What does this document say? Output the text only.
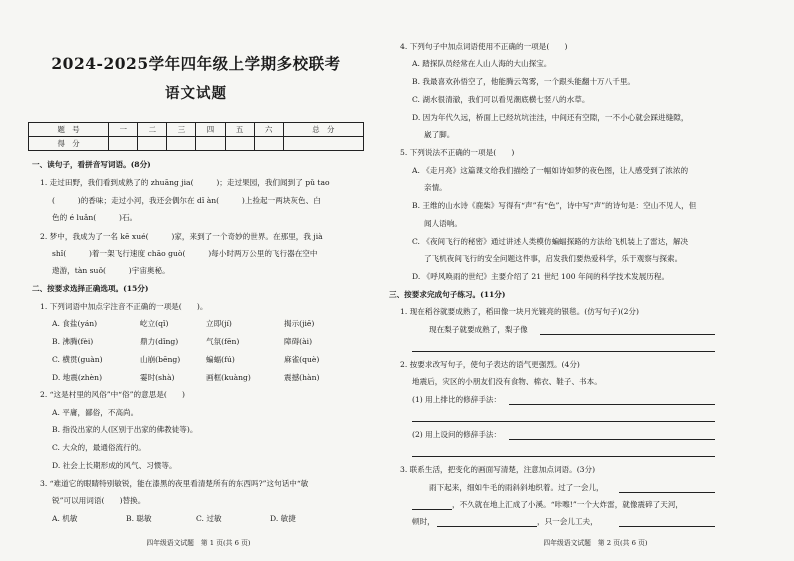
2024-2025学年四年级上学期多校联考
语文试题
题　号	一	二	三	四	五	六	总　分
得　分							
一、读句子，看拼音写词语。(8分)
1. 走过田野，我们看到成熟了的 zhuāng jia(　　　)；走过果园，我们闻到了 pǔ tao
(　　　)的香味；走过小河，我还会偶尔在 dǐ àn(　　　)上捡起一两块灰色、白
色的 é luǎn(　　　)石。
2. 梦中，我成为了一名 kē xué(　　　)家，来到了一个奇妙的世界。在那里，我 jià
shǐ(　　　)着一架飞行速度 chāo guò(　　　)每小时两万公里的飞行器在空中
遨游，tàn suǒ(　　　)宇宙奥秘。
二、按要求选择正确选项。(15分)
1. 下列词语中加点字注音不正确的一项是(　　)。
A. 食盐(yán)	屹立(qǐ)	立即(jí)	揭示(jiē)
B. 沸腾(fèi)	鼎力(dǐng)	气氛(fēn)	障碍(ài)
C. 横贯(guàn)	山崩(bēng)	蝙蝠(fú)	麻雀(què)
D. 地震(zhèn)	霎时(shà)	画框(kuàng)	震撼(hàn)
2. “这是村里的风俗”中“俗”的意思是(　　)
A. 平庸，鄙俗，不高尚。
B. 指没出家的人(区别于出家的佛教徒等)。
C. 大众的，最通俗流行的。
D. 社会上长期形成的风气、习惯等。
3. “难道它的眼睛特别敏锐，能在漆黑的夜里看清楚所有的东西吗?”这句话中“敏
锐”可以用词语(　　)替换。
A. 机敏	B. 聪敏	C. 过敏	D. 敏捷
四年级语文试题　第 1 页(共 6 页)
4. 下列句子中加点词语使用不正确的一项是(　　)
A. 踏探队员经常在人山人海的大山探宝。
B. 我最喜欢孙悟空了，他能腾云驾雾，一个跟头能翻十万八千里。
C. 湖水很清澈，我们可以看见潮底横七竖八的水草。
D. 因为年代久远，桥面上已经坑坑洼洼，中间还有空隙，一不小心就会踩进缝隙，
崴了脚。
5. 下列说法不正确的一项是(　　)
A. 《走月亮》这篇课文给我们描绘了一幅如诗如梦的夜色图，让人感受到了浓浓的
亲情。
B. 王维的山水诗《鹿柴》写得有“声”有“色”，诗中写“声”的诗句是：空山不见人，但
闻人语响。
C. 《夜间飞行的秘密》通过讲述人类模仿蝙蝠探路的方法给飞机装上了雷达，解决
了飞机夜间飞行的安全问题这件事，启发我们要热爱科学，乐于观察与探索。
D. 《呼风唤雨的世纪》主要介绍了 21 世纪 100 年间的科学技术发展历程。
三、按要求完成句子练习。(11分)
1. 现在稻谷就要成熟了，稻田像一块月光镀亮的银毯。(仿写句子)(2分)
现在梨子就要成熟了，梨子像
2. 按要求改写句子，使句子表达的语气更强烈。(4分)
地震后，灾区的小朋友们没有食物、棉衣、鞋子、书本。
(1) 用上排比的修辞手法：
(2) 用上设问的修辞手法：
3. 联系生活，把变化的画面写清楚，注意加点词语。(3分)
雨下起来，细如牛毛的雨斜斜地织着。过了一会儿，
，不久就在地上汇成了小溪。“咔嚓!”一个大炸雷，就像震碎了天河，
顿时，	，只一会儿工夫，
四年级语文试题　第 2 页(共 6 页)
